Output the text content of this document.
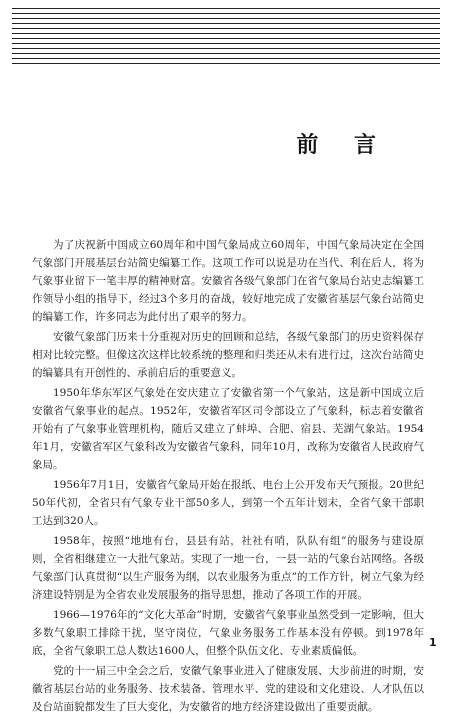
前 言

为了庆祝新中国成立60周年和中国气象局成立60周年，中国气象局决定在全国气象部门开展基层台站简史编纂工作。这项工作可以说是功在当代、利在后人，将为气象事业留下一笔丰厚的精神财富。安徽省各级气象部门在省气象局台站史志编纂工作领导小组的指导下，经过3个多月的奋战，较好地完成了安徽省基层气象台站简史的编纂工作，许多同志为此付出了艰辛的努力。

安徽气象部门历来十分重视对历史的回顾和总结，各级气象部门的历史资料保存相对比较完整。但像这次这样比较系统的整理和归类还从未有进行过，这次台站简史的编纂具有开创性的、承前启后的重要意义。

1950年华东军区气象处在安庆建立了安徽省第一个气象站，这是新中国成立后安徽省气象事业的起点。1952年，安徽省军区司令部设立了气象科，标志着安徽省开始有了气象事业管理机构，随后又建立了蚌埠、合肥、宿县、芜湖气象站。1954年1月，安徽省军区气象科改为安徽省气象科，同年10月，改称为安徽省人民政府气象局。

1956年7月1日，安徽省气象局开始在报纸、电台上公开发布天气预报。20世纪50年代初，全省只有气象专业干部50多人，到第一个五年计划末，全省气象干部职工达到320人。

1958年，按照“地地有台，县县有站，社社有哨，队队有组”的服务与建设原则，全省相继建立一大批气象站。实现了一地一台，一县一站的气象台站网络。各级气象部门认真贯彻“以生产服务为纲，以农业服务为重点”的工作方针，树立气象为经济建设特别是为全省农业发展服务的指导思想，推动了各项工作的开展。

1966—1976年的“文化大革命”时期，安徽省气象事业虽然受到一定影响，但大多数气象职工排除干扰，坚守岗位，气象业务服务工作基本没有停顿。到1978年底，全省气象职工总人数达1600人，但整个队伍文化、专业素质偏低。

党的十一届三中全会之后，安徽气象事业进入了健康发展、大步前进的时期，安徽省基层台站的业务服务、技术装备、管理水平、党的建设和文化建设、人才队伍以及台站面貌都发生了巨大变化，为安徽省的地方经济建设做出了重要贡献。

1
